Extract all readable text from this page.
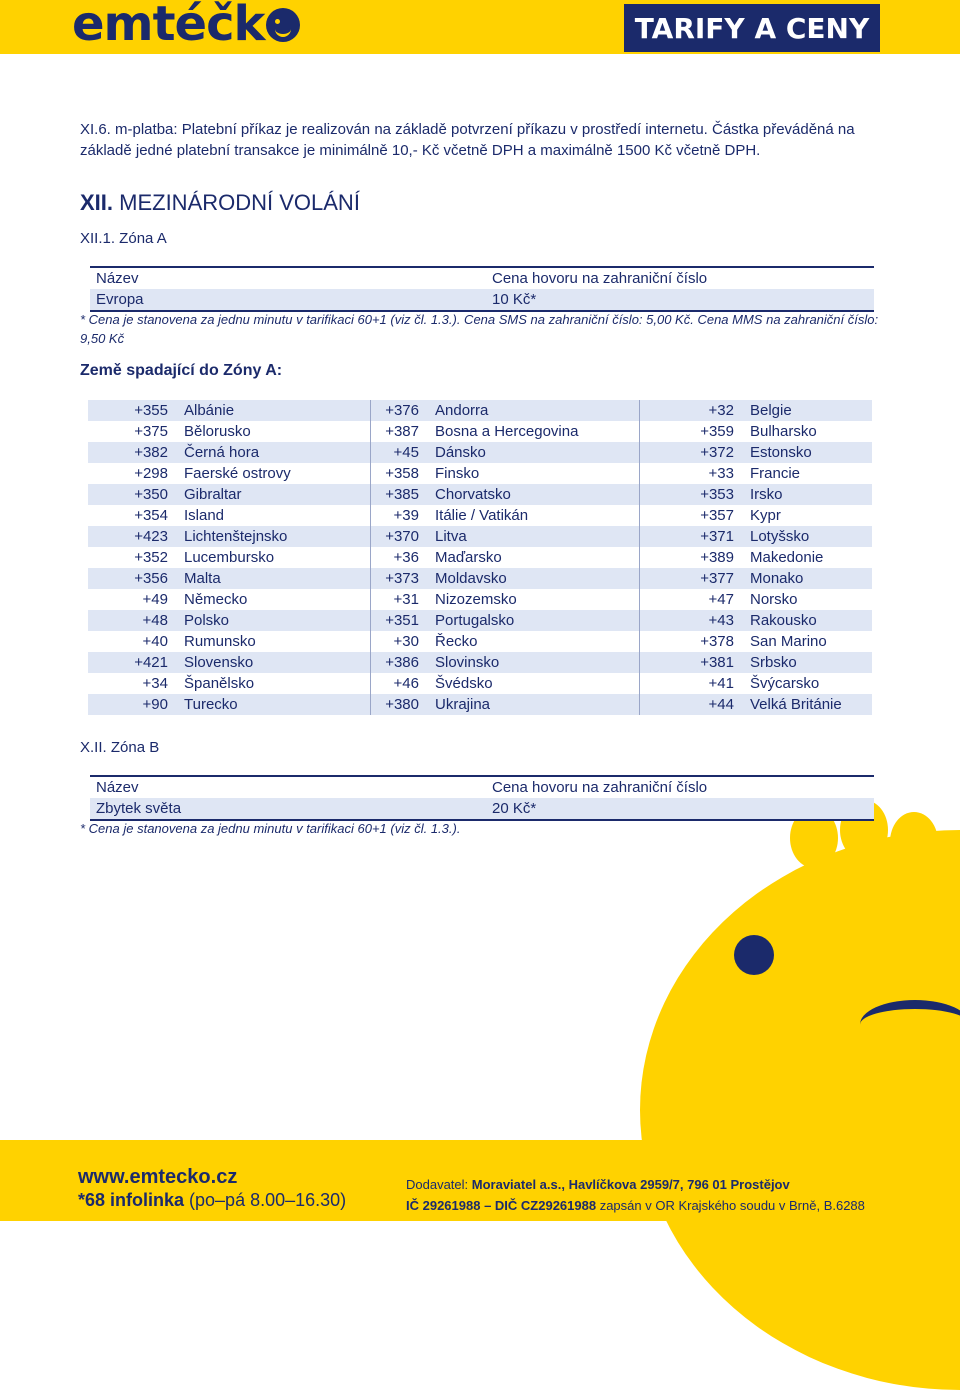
emtéčk	TARIFY A CENY
XI.6. m-platba: Platební příkaz je realizován na základě potvrzení příkazu v prostředí internetu. Částka převáděná na základě jedné platební transakce je minimálně 10,- Kč včetně DPH a maximálně 1500 Kč včetně DPH.
XII. MEZINÁRODNÍ VOLÁNÍ
XII.1. Zóna A
Název	Cena hovoru na zahraniční číslo
Evropa	10 Kč*
* Cena je stanovena za jednu minutu v tarifikaci 60+1 (viz čl. 1.3.). Cena SMS na zahraniční číslo: 5,00 Kč. Cena MMS na zahraniční číslo: 9,50 Kč
Země spadající do Zóny A:
+355	Albánie	+376	Andorra	+32	Belgie
+375	Bělorusko	+387	Bosna a Hercegovina	+359	Bulharsko
+382	Černá hora	+45	Dánsko	+372	Estonsko
+298	Faerské ostrovy	+358	Finsko	+33	Francie
+350	Gibraltar	+385	Chorvatsko	+353	Irsko
+354	Island	+39	Itálie / Vatikán	+357	Kypr
+423	Lichtenštejnsko	+370	Litva	+371	Lotyšsko
+352	Lucembursko	+36	Maďarsko	+389	Makedonie
+356	Malta	+373	Moldavsko	+377	Monako
+49	Německo	+31	Nizozemsko	+47	Norsko
+48	Polsko	+351	Portugalsko	+43	Rakousko
+40	Rumunsko	+30	Řecko	+378	San Marino
+421	Slovensko	+386	Slovinsko	+381	Srbsko
+34	Španělsko	+46	Švédsko	+41	Švýcarsko
+90	Turecko	+380	Ukrajina	+44	Velká Británie
X.II. Zóna B
Název	Cena hovoru na zahraniční číslo
Zbytek světa	20 Kč*
* Cena je stanovena za jednu minutu v tarifikaci 60+1 (viz čl. 1.3.).
www.emtecko.cz
*68 infolinka (po–pá 8.00–16.30)
Dodavatel: Moraviatel a.s., Havlíčkova 2959/7, 796 01 Prostějov
IČ 29261988 – DIČ CZ29261988 zapsán v OR Krajského soudu v Brně, B.6288
